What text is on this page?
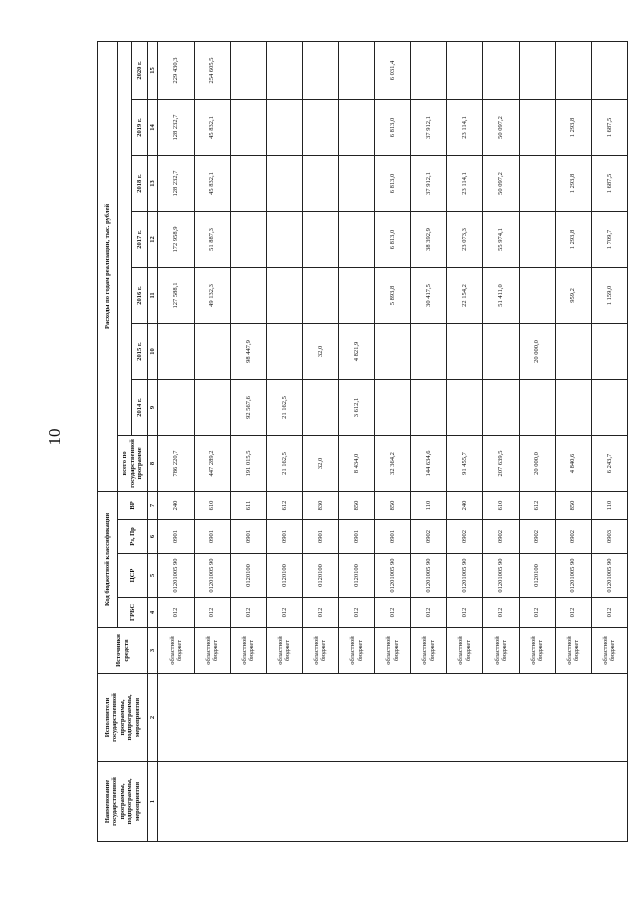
10
Наименование государственной программы, подпрограммы, мероприятия	Исполнители государственной программы, подпрограммы, мероприятия	Источники средств	Код бюджетной классификации				Расходы по годам реализации, тыс. рублей							
			ГРБС	ЦСР	Рз, Пр	ВР	всего по государственной программе							
								2014 г.	2015 г.	2016 г.	2017 г.	2018 г.	2019 г.	2020 г.
1	2	3	4	5	6	7	8	9	10	11	12	13	14	15
		областной бюджет	012	01201005 90	0901	240	786 220,7			127 588,1	172 958,9	128 232,7	128 232,7	229 430,3
		областной бюджет	012	01201005 90	0901	610	447 289,2			49 132,3	51 887,3	45 832,1	45 832,1	254 605,5
		областной бюджет	012	0120100	0901	611	191 015,5	92 567,6	98 447,9					
		областной бюджет	012	0120100	0901	612	21 162,5	21 162,5						
		областной бюджет	012	0120100	0901	830	32,0		32,0					
		областной бюджет	012	0120100	0901	850	8 434,0	3 612,1	4 821,9					
		областной бюджет	012	01201005 90	0901	850	32 364,2			5 893,8	6 813,0	6 813,0	6 813,0	6 031,4
		областной бюджет	012	01201005 90	0902	110	144 634,6			30 417,5	38 392,9	37 912,1	37 912,1	
		областной бюджет	012	01201005 90	0902	240	91 455,7			22 154,2	23 073,3	23 114,1	23 114,1	
		областной бюджет	012	01201005 90	0902	610	207 639,5			51 411,0	55 974,1	50 097,2	50 097,2	
		областной бюджет	012	0120100	0902	612	20 000,0		20 000,0					
		областной бюджет	012	01201005 90	0902	850	4 840,6			959,2	1 293,8	1 293,8	1 293,8	
		областной бюджет	012	01201005 90	0903	110	6 243,7			1 159,0	1 709,7	1 687,5	1 687,5	
